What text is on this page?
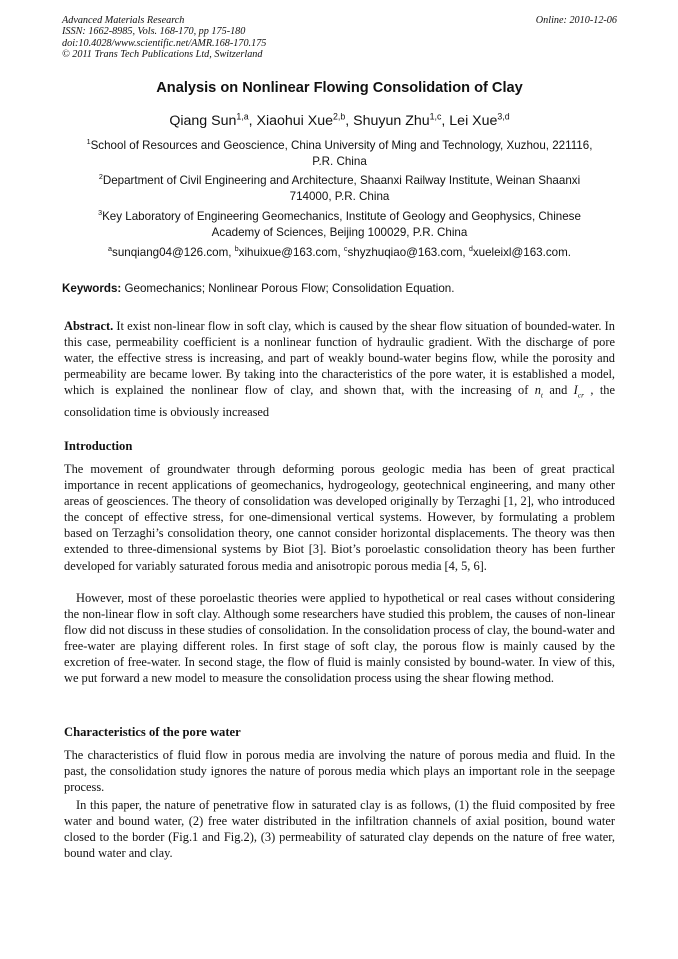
Advanced Materials Research
ISSN: 1662-8985, Vols. 168-170, pp 175-180
doi:10.4028/www.scientific.net/AMR.168-170.175
© 2011 Trans Tech Publications Ltd, Switzerland
Online: 2010-12-06
Analysis on Nonlinear Flowing Consolidation of Clay
Qiang Sun$^{1,a}$, Xiaohui Xue$^{2,b}$, Shuyun Zhu$^{1,c}$, Lei Xue$^{3,d}$
$^1$School of Resources and Geoscience, China University of Ming and Technology, Xuzhou, 221116,
P.R. China
$^2$Department of Civil Engineering and Architecture, Shaanxi Railway Institute, Weinan Shaanxi
714000, P.R. China
$^3$Key Laboratory of Engineering Geomechanics, Institute of Geology and Geophysics, Chinese
Academy of Sciences, Beijing 100029, P.R. China
$^a$sunqiang04@126.com, $^b$xihuixue@163.com, $^c$shyzhuqiao@163.com, $^d$xueleixl@163.com.
Keywords: Geomechanics; Nonlinear Porous Flow; Consolidation Equation.

Abstract. It exist non-linear flow in soft clay, which is caused by the shear flow situation of bounded-water. In this case, permeability coefficient is a nonlinear function of hydraulic gradient. With the discharge of pore water, the effective stress is increasing, and part of weakly bound-water begins flow, while the porosity and permeability are became lower. By taking into the characteristics of the pore water, it is established a model, which is explained the nonlinear flow of clay, and shown that, with the increasing of $n_t$ and $I_{cr}$ , the consolidation time is obviously increased

Introduction

The movement of groundwater through deforming porous geologic media has been of great practical importance in recent applications of geomechanics, hydrogeology, geotechnical engineering, and many other areas of geosciences. The theory of consolidation was developed originally by Terzaghi [1, 2], who introduced the concept of effective stress, for one-dimensional vertical systems. However, by formulating a problem based on Terzaghi’s consolidation theory, one cannot consider horizontal displacements. The theory was then extended to three-dimensional systems by Biot [3]. Biot’s poroelastic consolidation theory has been further developed for variably saturated forous media and anisotropic porous media [4, 5, 6].

However, most of these poroelastic theories were applied to hypothetical or real cases without considering the non-linear flow in soft clay. Although some researchers have studied this problem, the causes of non-linear flow did not discuss in these studies of consolidation. In the consolidation process of clay, the bound-water and free-water are playing different roles. In first stage of soft clay, the porous flow is mainly caused by the excretion of free-water. In second stage, the flow of fluid is mainly consisted by bound-water. In view of this, we put forward a new model to measure the consolidation process using the shear flowing method.

Characteristics of the pore water

The characteristics of fluid flow in porous media are involving the nature of porous media and fluid. In the past, the consolidation study ignores the nature of porous media which plays an important role in the seepage process.

In this paper, the nature of penetrative flow in saturated clay is as follows, (1) the fluid composited by free water and bound water, (2) free water distributed in the infiltration channels of axial position, bound water closed to the border (Fig.1 and Fig.2), (3) permeability of saturated clay depends on the nature of free water, bound water and clay.
